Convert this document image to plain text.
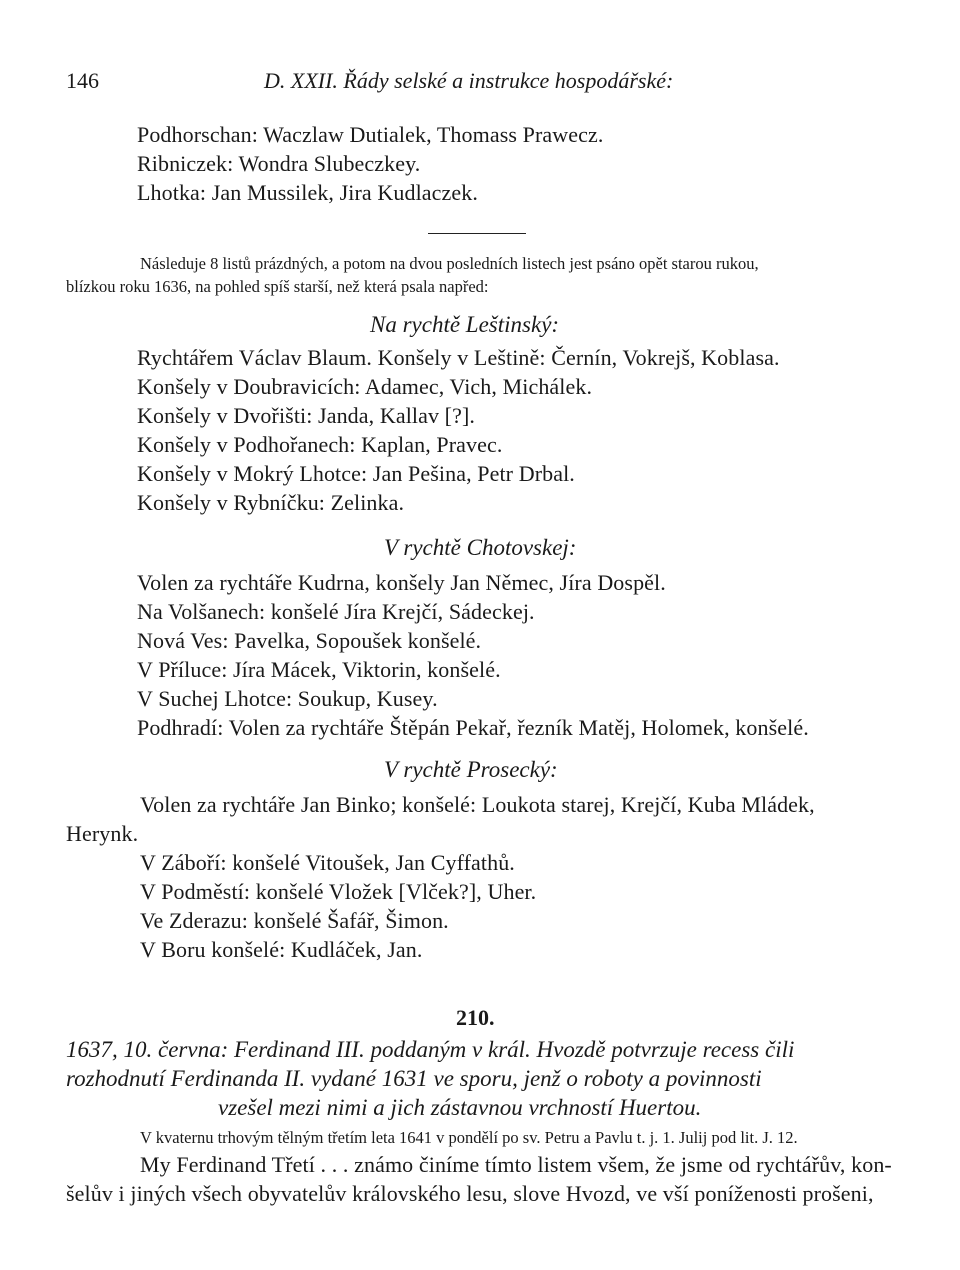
146	D. XXII. Řády selské a instrukce hospodářské:
Podhorschan: Waczlaw Dutialek, Thomass Prawecz.
Ribniczek: Wondra Slubeczkey.
Lhotka: Jan Mussilek, Jira Kudlaczek.
Následuje 8 listů prázdných, a potom na dvou posledních listech jest psáno opět starou rukou,
blízkou roku 1636, na pohled spíš starší, než která psala napřed:
Na rychtě Leštinský:
Rychtářem Václav Blaum. Konšely v Leštině: Černín, Vokrejš, Koblasa.
Konšely v Doubravicích: Adamec, Vich, Michálek.
Konšely v Dvořišti: Janda, Kallav [?].
Konšely v Podhořanech: Kaplan, Pravec.
Konšely v Mokrý Lhotce: Jan Pešina, Petr Drbal.
Konšely v Rybníčku: Zelinka.
V rychtě Chotovskej:
Volen za rychtáře Kudrna, konšely Jan Němec, Jíra Dospěl.
Na Volšanech: konšelé Jíra Krejčí, Sádeckej.
Nová Ves: Pavelka, Sopoušek konšelé.
V Příluce: Jíra Mácek, Viktorin, konšelé.
V Suchej Lhotce: Soukup, Kusey.
Podhradí: Volen za rychtáře Štěpán Pekař, řezník Matěj, Holomek, konšelé.
V rychtě Prosecký:
Volen za rychtáře Jan Binko; konšelé: Loukota starej, Krejčí, Kuba Mládek,
Herynk.
V Záboří: konšelé Vitoušek, Jan Cyffathů.
V Podměstí: konšelé Vložek [Vlček?], Uher.
Ve Zderazu: konšelé Šafář, Šimon.
V Boru konšelé: Kudláček, Jan.
210.
1637, 10. června: Ferdinand III. poddaným v král. Hvozdě potvrzuje recess čili
rozhodnutí Ferdinanda II. vydané 1631 ve sporu, jenž o roboty a povinnosti
vzešel mezi nimi a jich zástavnou vrchností Huertou.
V kvaternu trhovým tělným třetím leta 1641 v pondělí po sv. Petru a Pavlu t. j. 1. Julij pod lit. J. 12.
My Ferdinand Třetí . . . známo činíme tímto listem všem, že jsme od rychtářův, kon-
šelův i jiných všech obyvatelův královského lesu, slove Hvozd, ve vší poníženosti prošeni,
